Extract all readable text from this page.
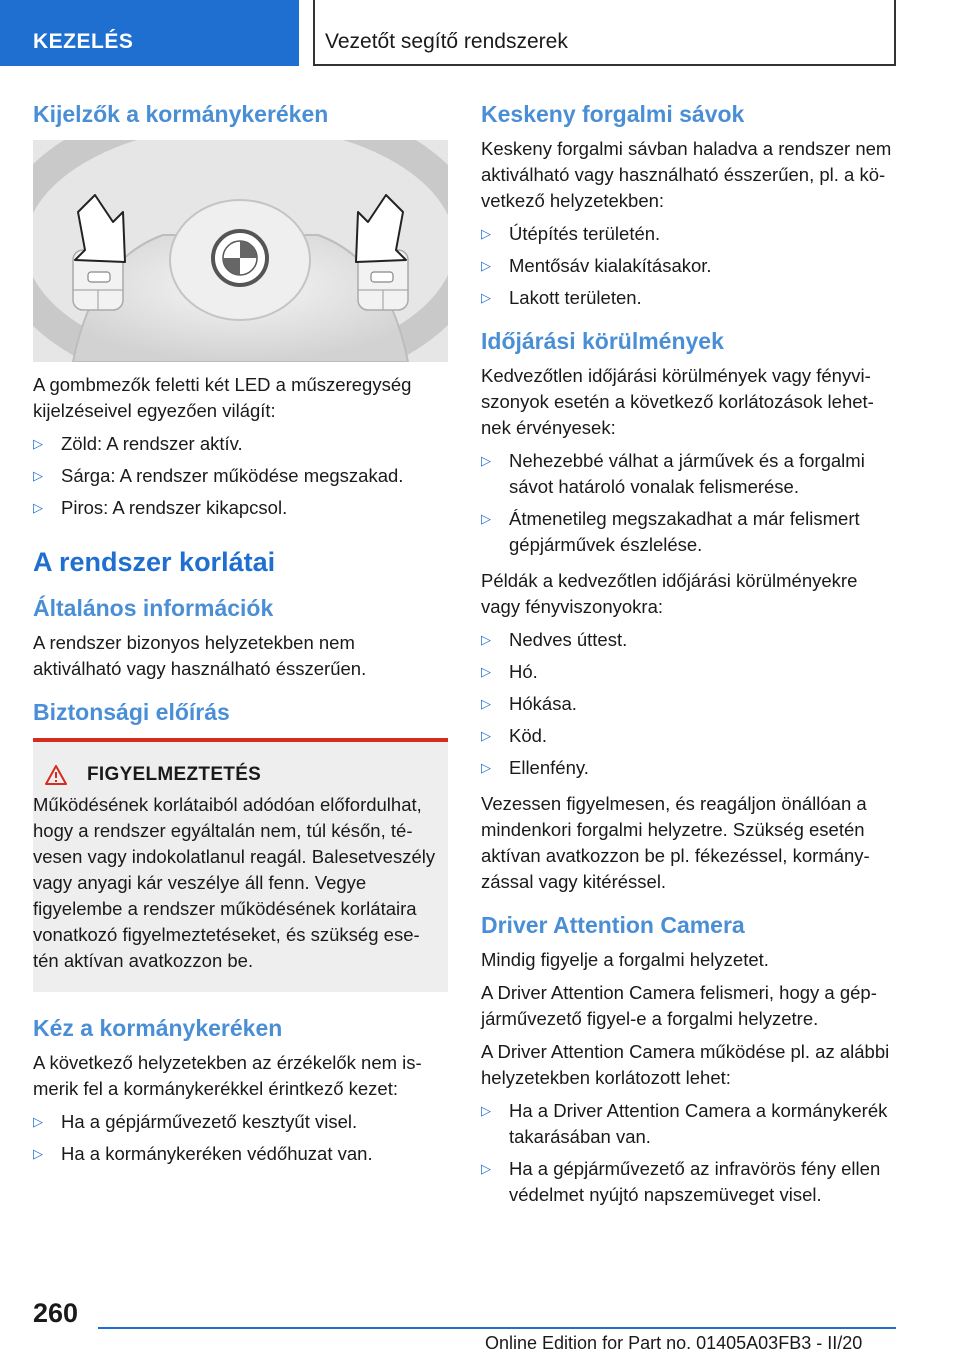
KEZELÉS	Vezetőt segítő rendszerek
Kijelzők a kormánykeréken

A gombmezők feletti két LED a műszeregység kijelzéseivel egyezően világít:

▷ Zöld: A rendszer aktív.
▷ Sárga: A rendszer működése megszakad.
▷ Piros: A rendszer kikapcsol.
A rendszer korlátai
Általános információk

A rendszer bizonyos helyzetekben nem aktiválható vagy használható ésszerűen.

Biztonsági előírás
FIGYELMEZTETÉS

Működésének korlátaiból adódóan előfordulhat, hogy a rendszer egyáltalán nem, túl későn, tévesen vagy indokolatlanul reagál. Balesetveszély vagy anyagi kár veszélye áll fenn. Vegye figyelembe a rendszer működésének korlátaira vonatkozó figyelmeztetéseket, és szükség esetén aktívan avatkozzon be.

Kéz a kormánykeréken

A következő helyzetekben az érzékelők nem ismerik fel a kormánykerékkel érintkező kezet:

▷ Ha a gépjárművezető kesztyűt visel.
▷ Ha a kormánykeréken védőhuzat van.
Keskeny forgalmi sávok

Keskeny forgalmi sávban haladva a rendszer nem aktiválható vagy használható ésszerűen, pl. a következő helyzetekben:

▷ Útépítés területén.
▷ Mentősáv kialakításakor.
▷ Lakott területen.
Időjárási körülmények

Kedvezőtlen időjárási körülmények vagy fényviszonyok esetén a következő korlátozások lehetnek érvényesek:

▷ Nehezebbé válhat a járművek és a forgalmi sávot határoló vonalak felismerése.
▷ Átmenetileg megszakadhat a már felismert gépjárművek észlelése.

Példák a kedvezőtlen időjárási körülményekre vagy fényviszonyokra:

▷ Nedves úttest.
▷ Hó.
▷ Hókása.
▷ Köd.
▷ Ellenfény.

Vezessen figyelmesen, és reagáljon önállóan a mindenkori forgalmi helyzetre. Szükség esetén aktívan avatkozzon be pl. fékezéssel, kormányzással vagy kitéréssel.

Driver Attention Camera

Mindig figyelje a forgalmi helyzetet.

A Driver Attention Camera felismeri, hogy a gépjárművezető figyel-e a forgalmi helyzetre.

A Driver Attention Camera működése pl. az alábbi helyzetekben korlátozott lehet:

▷ Ha a Driver Attention Camera a kormánykerék takarásában van.
▷ Ha a gépjárművezető az infravörös fény ellen védelmet nyújtó napszemüveget visel.
260
Online Edition for Part no. 01405A03FB3 - II/20
